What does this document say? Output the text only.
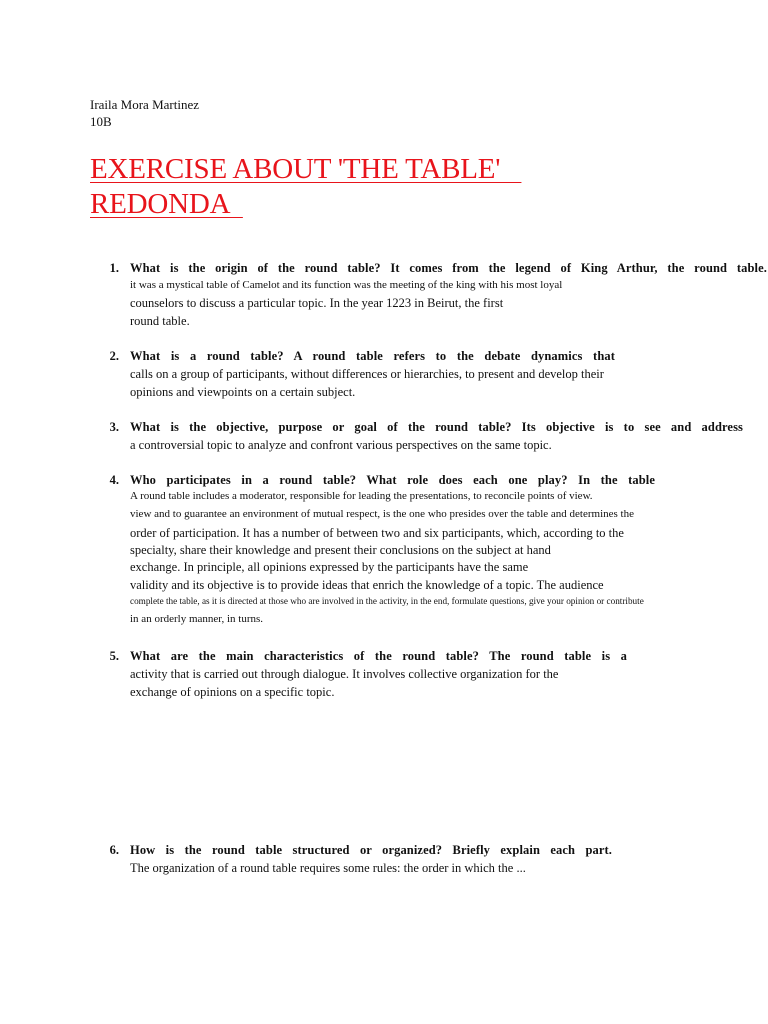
Iraila Mora Martinez
10B
EXERCISE ABOUT 'THE TABLE'
REDONDA
1. What is the origin of the round table? It comes from the legend of King Arthur, the round table.
it was a mystical table of Camelot and its function was the meeting of the king with his most loyal
counselors to discuss a particular topic. In the year 1223 in Beirut, the first
round table.
2. What is a round table? A round table refers to the debate dynamics that
calls on a group of participants, without differences or hierarchies, to present and develop their
opinions and viewpoints on a certain subject.
3. What is the objective, purpose or goal of the round table? Its objective is to see and address
a controversial topic to analyze and confront various perspectives on the same topic.
4. Who participates in a round table? What role does each one play? In the table
A round table includes a moderator, responsible for leading the presentations, to reconcile points of view.
view and to guarantee an environment of mutual respect, is the one who presides over the table and determines the
order of participation. It has a number of between two and six participants, which, according to the
specialty, share their knowledge and present their conclusions on the subject at hand
exchange. In principle, all opinions expressed by the participants have the same
validity and its objective is to provide ideas that enrich the knowledge of a topic. The audience
complete the table, as it is directed at those who are involved in the activity, in the end, formulate questions, give your opinion or contribute
in an orderly manner, in turns.
5. What are the main characteristics of the round table? The round table is a
activity that is carried out through dialogue. It involves collective organization for the
exchange of opinions on a specific topic.
6. How is the round table structured or organized? Briefly explain each part.
The organization of a round table requires some rules: the order in which the ...
